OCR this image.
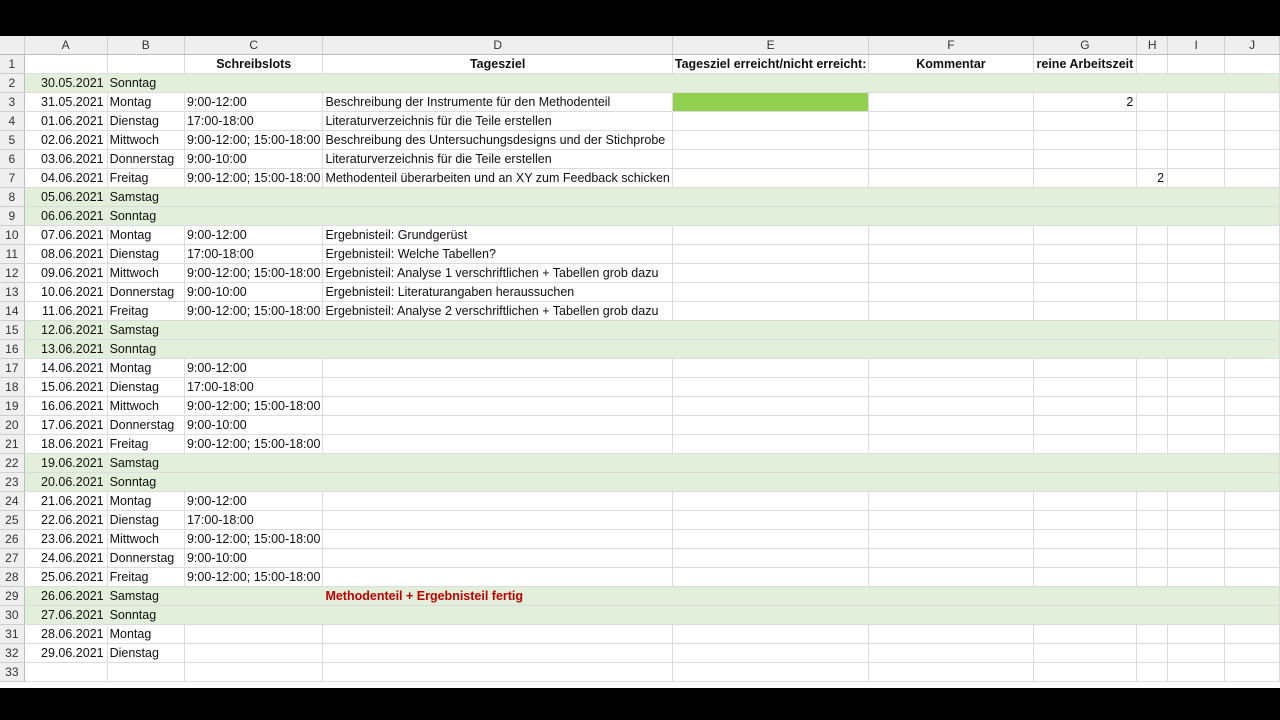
	A	B	C	D	E	F	G	H	I	J
1			Schreibslots	Tagesziel	Tagesziel erreicht/nicht erreicht:	Kommentar	reine Arbeitszeit			
2	30.05.2021	Sonntag								
3	31.05.2021	Montag	9:00-12:00	Beschreibung der Instrumente für den Methodenteil			2			
4	01.06.2021	Dienstag	17:00-18:00	Literaturverzeichnis für die Teile erstellen						
5	02.06.2021	Mittwoch	9:00-12:00; 15:00-18:00	Beschreibung des Untersuchungsdesigns und der Stichprobe						
6	03.06.2021	Donnerstag	9:00-10:00	Literaturverzeichnis für die Teile erstellen						
7	04.06.2021	Freitag	9:00-12:00; 15:00-18:00	Methodenteil überarbeiten und an XY zum Feedback schicken				2		
8	05.06.2021	Samstag								
9	06.06.2021	Sonntag								
10	07.06.2021	Montag	9:00-12:00	Ergebnisteil: Grundgerüst						
11	08.06.2021	Dienstag	17:00-18:00	Ergebnisteil: Welche Tabellen?						
12	09.06.2021	Mittwoch	9:00-12:00; 15:00-18:00	Ergebnisteil: Analyse 1 verschriftlichen + Tabellen grob dazu						
13	10.06.2021	Donnerstag	9:00-10:00	Ergebnisteil: Literaturangaben heraussuchen						
14	11.06.2021	Freitag	9:00-12:00; 15:00-18:00	Ergebnisteil: Analyse 2 verschriftlichen + Tabellen grob dazu						
15	12.06.2021	Samstag								
16	13.06.2021	Sonntag								
17	14.06.2021	Montag	9:00-12:00							
18	15.06.2021	Dienstag	17:00-18:00							
19	16.06.2021	Mittwoch	9:00-12:00; 15:00-18:00							
20	17.06.2021	Donnerstag	9:00-10:00							
21	18.06.2021	Freitag	9:00-12:00; 15:00-18:00							
22	19.06.2021	Samstag								
23	20.06.2021	Sonntag								
24	21.06.2021	Montag	9:00-12:00							
25	22.06.2021	Dienstag	17:00-18:00							
26	23.06.2021	Mittwoch	9:00-12:00; 15:00-18:00							
27	24.06.2021	Donnerstag	9:00-10:00							
28	25.06.2021	Freitag	9:00-12:00; 15:00-18:00							
29	26.06.2021	Samstag		Methodenteil + Ergebnisteil fertig						
30	27.06.2021	Sonntag								
31	28.06.2021	Montag								
32	29.06.2021	Dienstag								
33										
